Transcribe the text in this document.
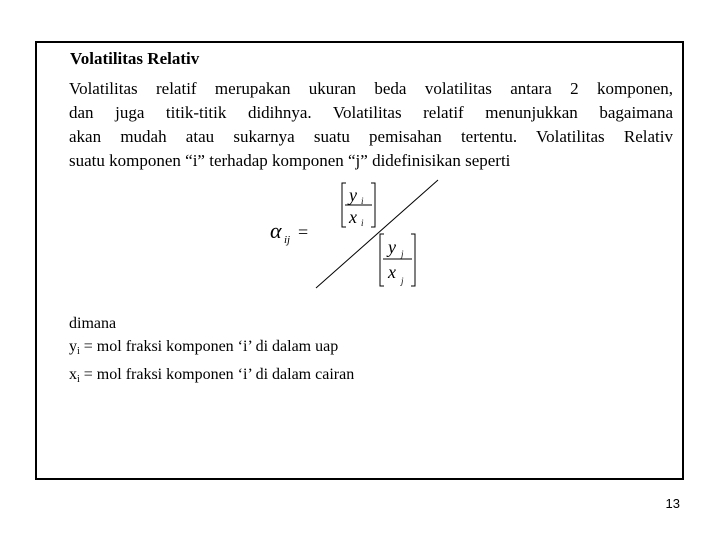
Volatilitas Relativ
Volatilitas relatif merupakan ukuran beda volatilitas antara 2 komponen,
dan juga titik-titik didihnya. Volatilitas relatif menunjukkan bagaimana
akan mudah atau sukarnya suatu pemisahan tertentu. Volatilitas Relativ
suatu komponen “i” terhadap komponen “j” didefinisikan seperti
α ij =
y i
x i
y j
x j
dimana
$y_i$ = mol fraksi komponen ‘i’ di dalam uap
$x_i$ = mol fraksi komponen ‘i’ di dalam cairan
13
